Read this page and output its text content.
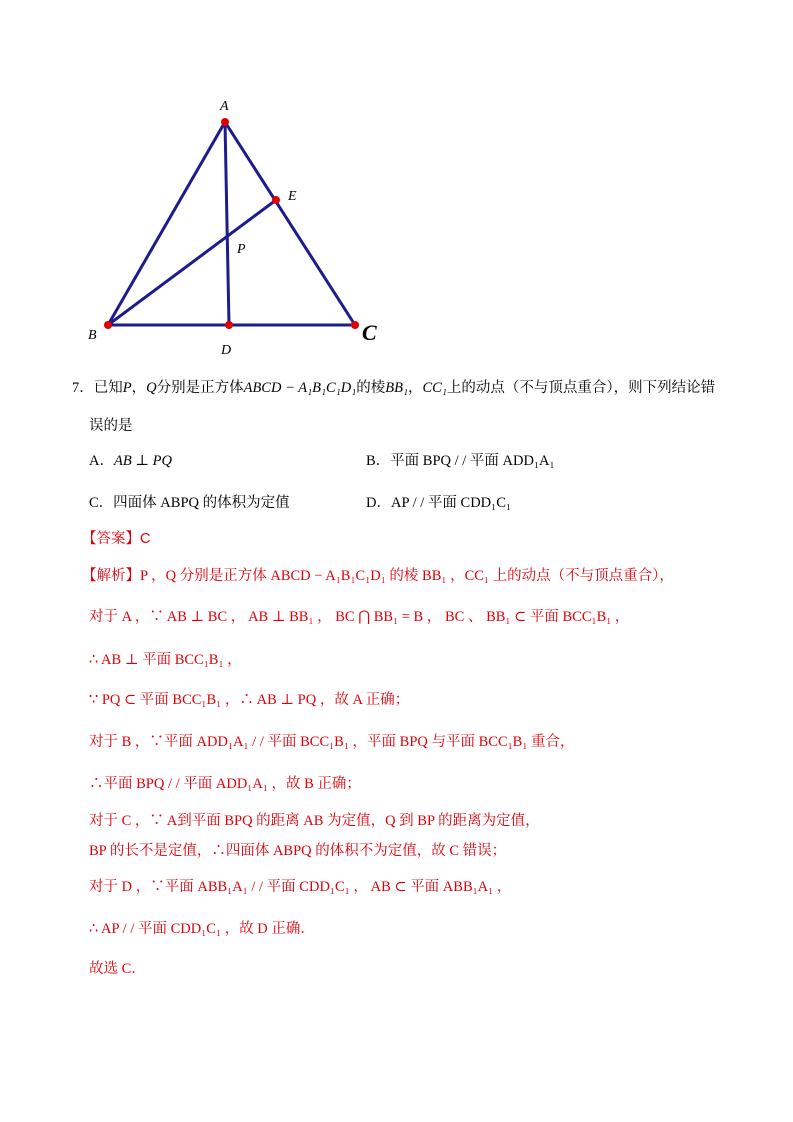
A
E
P
B
D
C
7．已知P，Q分别是正方体ABCD − A₁B₁C₁D₁的棱BB₁，CC₁上的动点（不与顶点重合），则下列结论错
误的是
A．AB ⊥ PQ	B．平面 BPQ / / 平面 ADD₁A₁
C．四面体 ABPQ 的体积为定值	D．AP / / 平面 CDD₁C₁
【答案】C
【解析】P ，Q 分别是正方体 ABCD − A₁B₁C₁D₁ 的棱 BB₁ ，CC₁ 上的动点（不与顶点重合），
对于 A ，∵ AB ⊥ BC ， AB ⊥ BB₁ ， BC ⋂ BB₁ = B ， BC 、 BB₁ ⊂ 平面 BCC₁B₁ ，
∴ AB ⊥ 平面 BCC₁B₁ ，
∵ PQ ⊂ 平面 BCC₁B₁ ，∴ AB ⊥ PQ ，故 A 正确；
对于 B ，∵平面 ADD₁A₁ / / 平面 BCC₁B₁ ，平面 BPQ 与平面 BCC₁B₁ 重合，
∴平面 BPQ / / 平面 ADD₁A₁ ，故 B 正确；
对于 C ，∵ A到平面 BPQ 的距离 AB 为定值，Q 到 BP 的距离为定值，
BP 的长不是定值，∴四面体 ABPQ 的体积不为定值，故 C 错误；
对于 D ，∵平面 ABB₁A₁ / / 平面 CDD₁C₁ ， AB ⊂ 平面 ABB₁A₁ ，
∴ AP / / 平面 CDD₁C₁ ，故 D 正确．
故选 C．
